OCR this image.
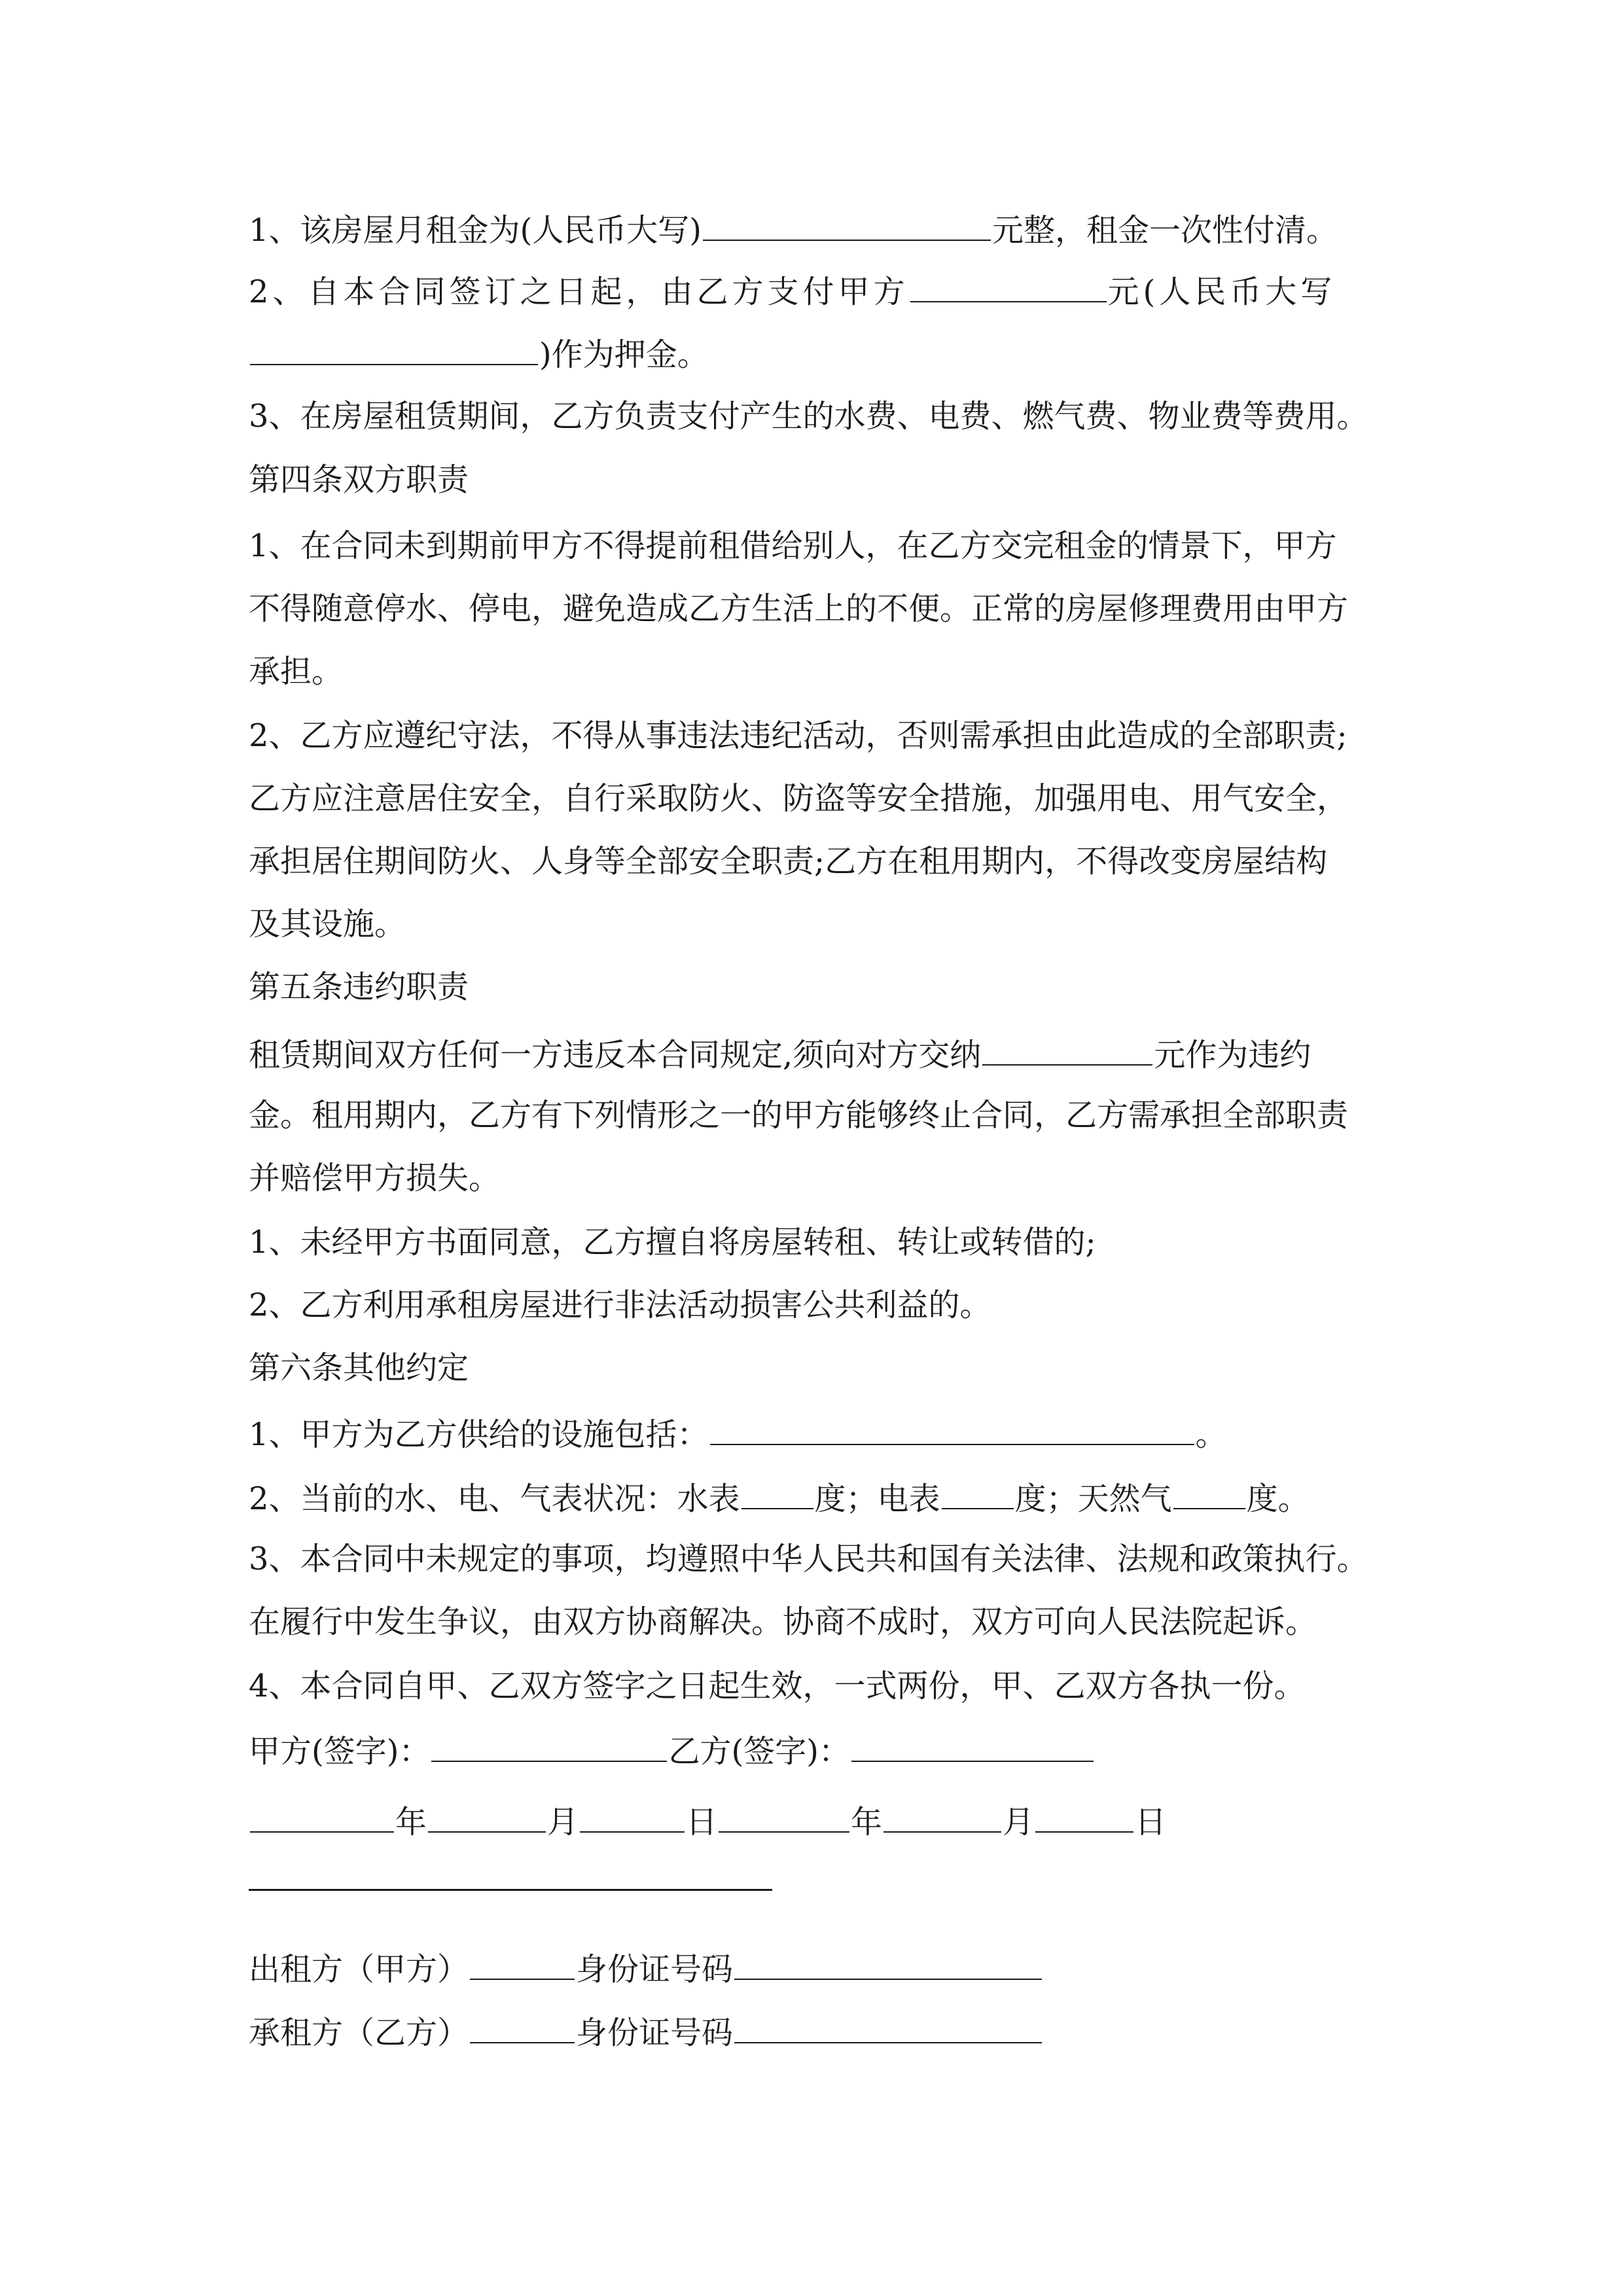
1、该房屋月租金为(人民币大写)	元整，租金一次性付清。
2、自本合同签订之日起，由乙方支付甲方	元(人民币大写
)作为押金。
3、在房屋租赁期间，乙方负责支付产生的水费、电费、燃气费、物业费等费用。
第四条双方职责
1、在合同未到期前甲方不得提前租借给别人，在乙方交完租金的情景下，甲方
不得随意停水、停电，避免造成乙方生活上的不便。正常的房屋修理费用由甲方
承担。
2、乙方应遵纪守法，不得从事违法违纪活动，否则需承担由此造成的全部职责;
乙方应注意居住安全，自行采取防火、防盗等安全措施，加强用电、用气安全，
承担居住期间防火、人身等全部安全职责;乙方在租用期内，不得改变房屋结构
及其设施。
第五条违约职责
租赁期间双方任何一方违反本合同规定,须向对方交纳	元作为违约
金。租用期内，乙方有下列情形之一的甲方能够终止合同，乙方需承担全部职责
并赔偿甲方损失。
1、未经甲方书面同意，乙方擅自将房屋转租、转让或转借的;
2、乙方利用承租房屋进行非法活动损害公共利益的。
第六条其他约定
1、甲方为乙方供给的设施包括：	。
2、当前的水、电、气表状况：水表 度；电表 度；天然气 度。
3、本合同中未规定的事项，均遵照中华人民共和国有关法律、法规和政策执行。
在履行中发生争议，由双方协商解决。协商不成时，双方可向人民法院起诉。
4、本合同自甲、乙双方签字之日起生效，一式两份，甲、乙双方各执一份。
甲方(签字)：	乙方(签字)：
年	月	日	年	月	日
出租方（甲方）	身份证号码
承租方（乙方）	身份证号码
